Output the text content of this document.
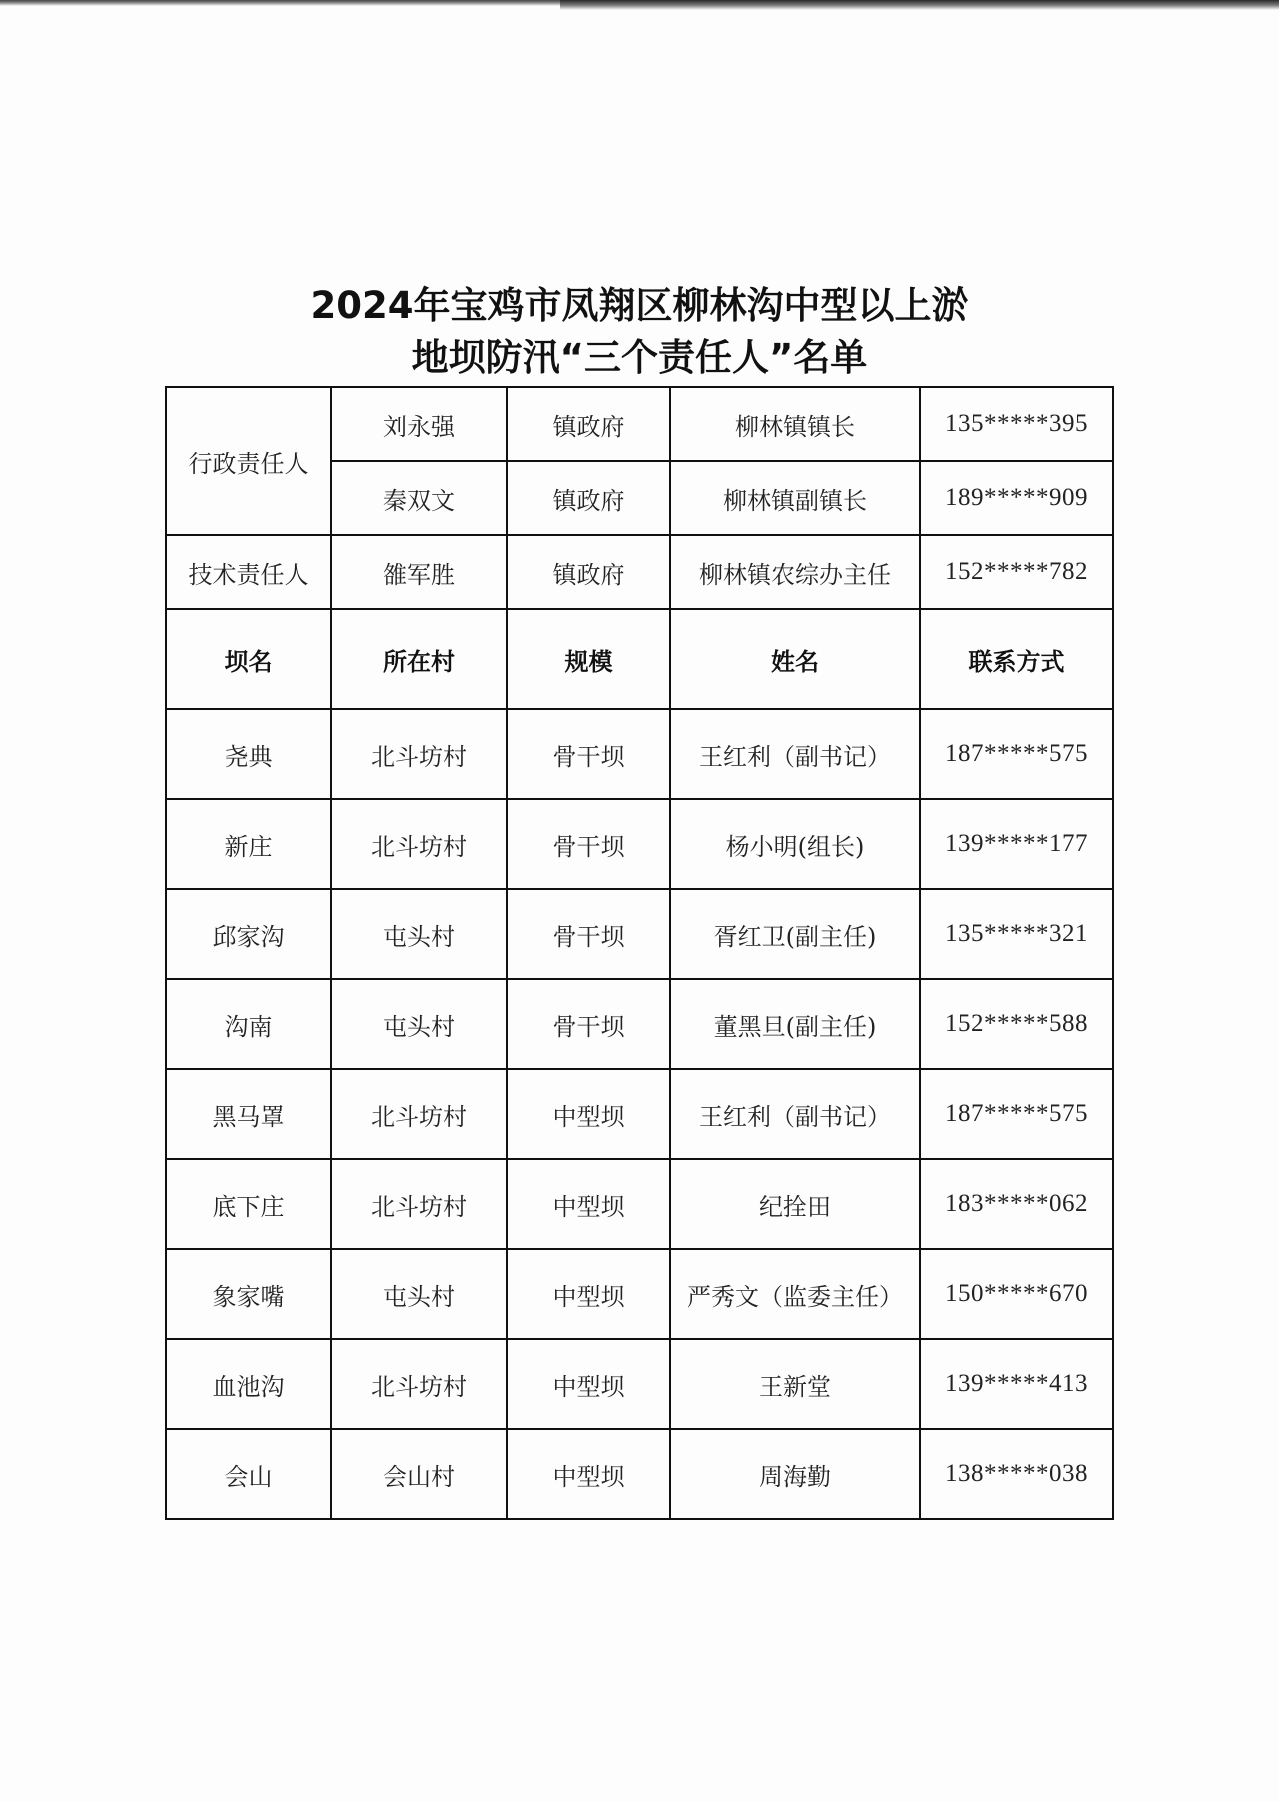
2024年宝鸡市凤翔区柳林沟中型以上淤
地坝防汛“三个责任人”名单
行政责任人	刘永强	镇政府	柳林镇镇长	135*****395
	秦双文	镇政府	柳林镇副镇长	189*****909
技术责任人	雒军胜	镇政府	柳林镇农综办主任	152*****782
坝名	所在村	规模	姓名	联系方式
尧典	北斗坊村	骨干坝	王红利（副书记）	187*****575
新庄	北斗坊村	骨干坝	杨小明(组长)	139*****177
邱家沟	屯头村	骨干坝	胥红卫(副主任)	135*****321
沟南	屯头村	骨干坝	董黑旦(副主任)	152*****588
黑马罩	北斗坊村	中型坝	王红利（副书记）	187*****575
底下庄	北斗坊村	中型坝	纪拴田	183*****062
象家嘴	屯头村	中型坝	严秀文（监委主任）	150*****670
血池沟	北斗坊村	中型坝	王新堂	139*****413
会山	会山村	中型坝	周海勤	138*****038
